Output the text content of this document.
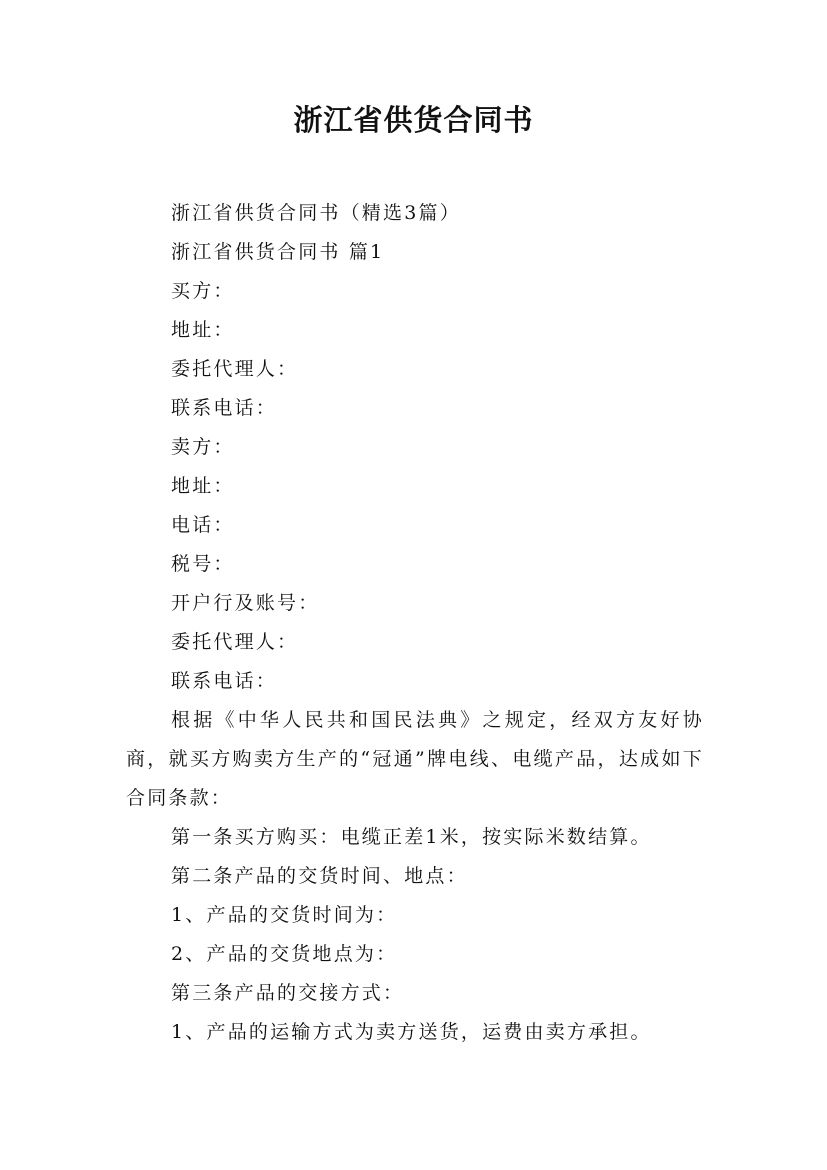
浙江省供货合同书

浙江省供货合同书（精选3篇）

浙江省供货合同书 篇1

买方：

地址：

委托代理人：

联系电话：

卖方：

地址：

电话：

税号：

开户行及账号：

委托代理人：

联系电话：

根据《中华人民共和国民法典》之规定，经双方友好协商，就买方购卖方生产的“冠通”牌电线、电缆产品，达成如下合同条款：

第一条买方购买：电缆正差1米，按实际米数结算。

第二条产品的交货时间、地点：

1、产品的交货时间为：

2、产品的交货地点为：

第三条产品的交接方式：

1、产品的运输方式为卖方送货，运费由卖方承担。
